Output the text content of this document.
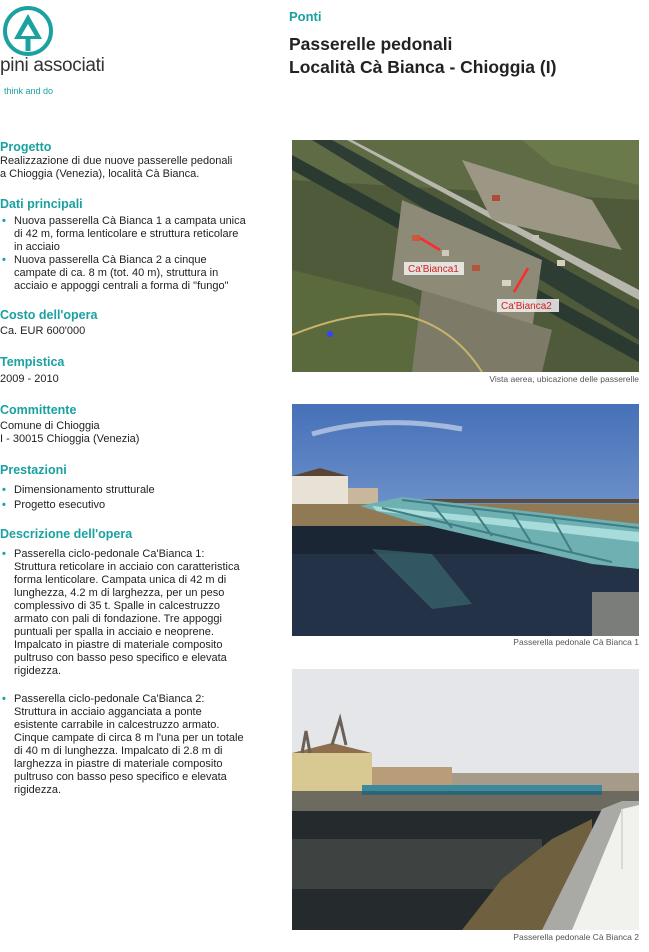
pini associati
think and do
Ponti
Passerelle pedonali
Località Cà Bianca - Chioggia (I)

Progetto

Realizzazione di due nuove passerelle pedonali a Chioggia (Venezia), località Cà Bianca.

Dati principali

• Nuova passerella Cà Bianca 1 a campata unica di 42 m, forma lenticolare e struttura reticolare in acciaio
• Nuova passerella Cà Bianca 2 a cinque campate di ca. 8 m (tot. 40 m), struttura in acciaio e appoggi centrali a forma di "fungo"

Costo dell'opera

Ca. EUR 600'000

Tempistica

2009 - 2010

Committente

Comune di Chioggia

I - 30015 Chioggia (Venezia)

Prestazioni

• Dimensionamento strutturale
• Progetto esecutivo

Descrizione dell'opera

• Passerella ciclo-pedonale Ca'Bianca 1: Struttura reticolare in acciaio con caratteristica forma lenticolare. Campata unica di 42 m di lunghezza, 4.2 m di larghezza, per un peso complessivo di 35 t. Spalle in calcestruzzo armato con pali di fondazione. Tre appoggi puntuali per spalla in acciaio e neoprene. Impalcato in piastre di materiale composito pultruso con basso peso specifico e elevata rigidezza.
• Passerella ciclo-pedonale Ca'Bianca 2: Struttura in acciaio agganciata a ponte esistente carrabile in calcestruzzo armato. Cinque campate di circa 8 m l'una per un totale di 40 m di lunghezza. Impalcato di 2.8 m di larghezza in piastre di materiale composito pultruso con basso peso specifico e elevata rigidezza.
Ca'Bianca1
Ca'Bianca2
Vista aerea, ubicazione delle passerelle
Passerella pedonale Cà Bianca 1
Passerella pedonale Cà Bianca 2
